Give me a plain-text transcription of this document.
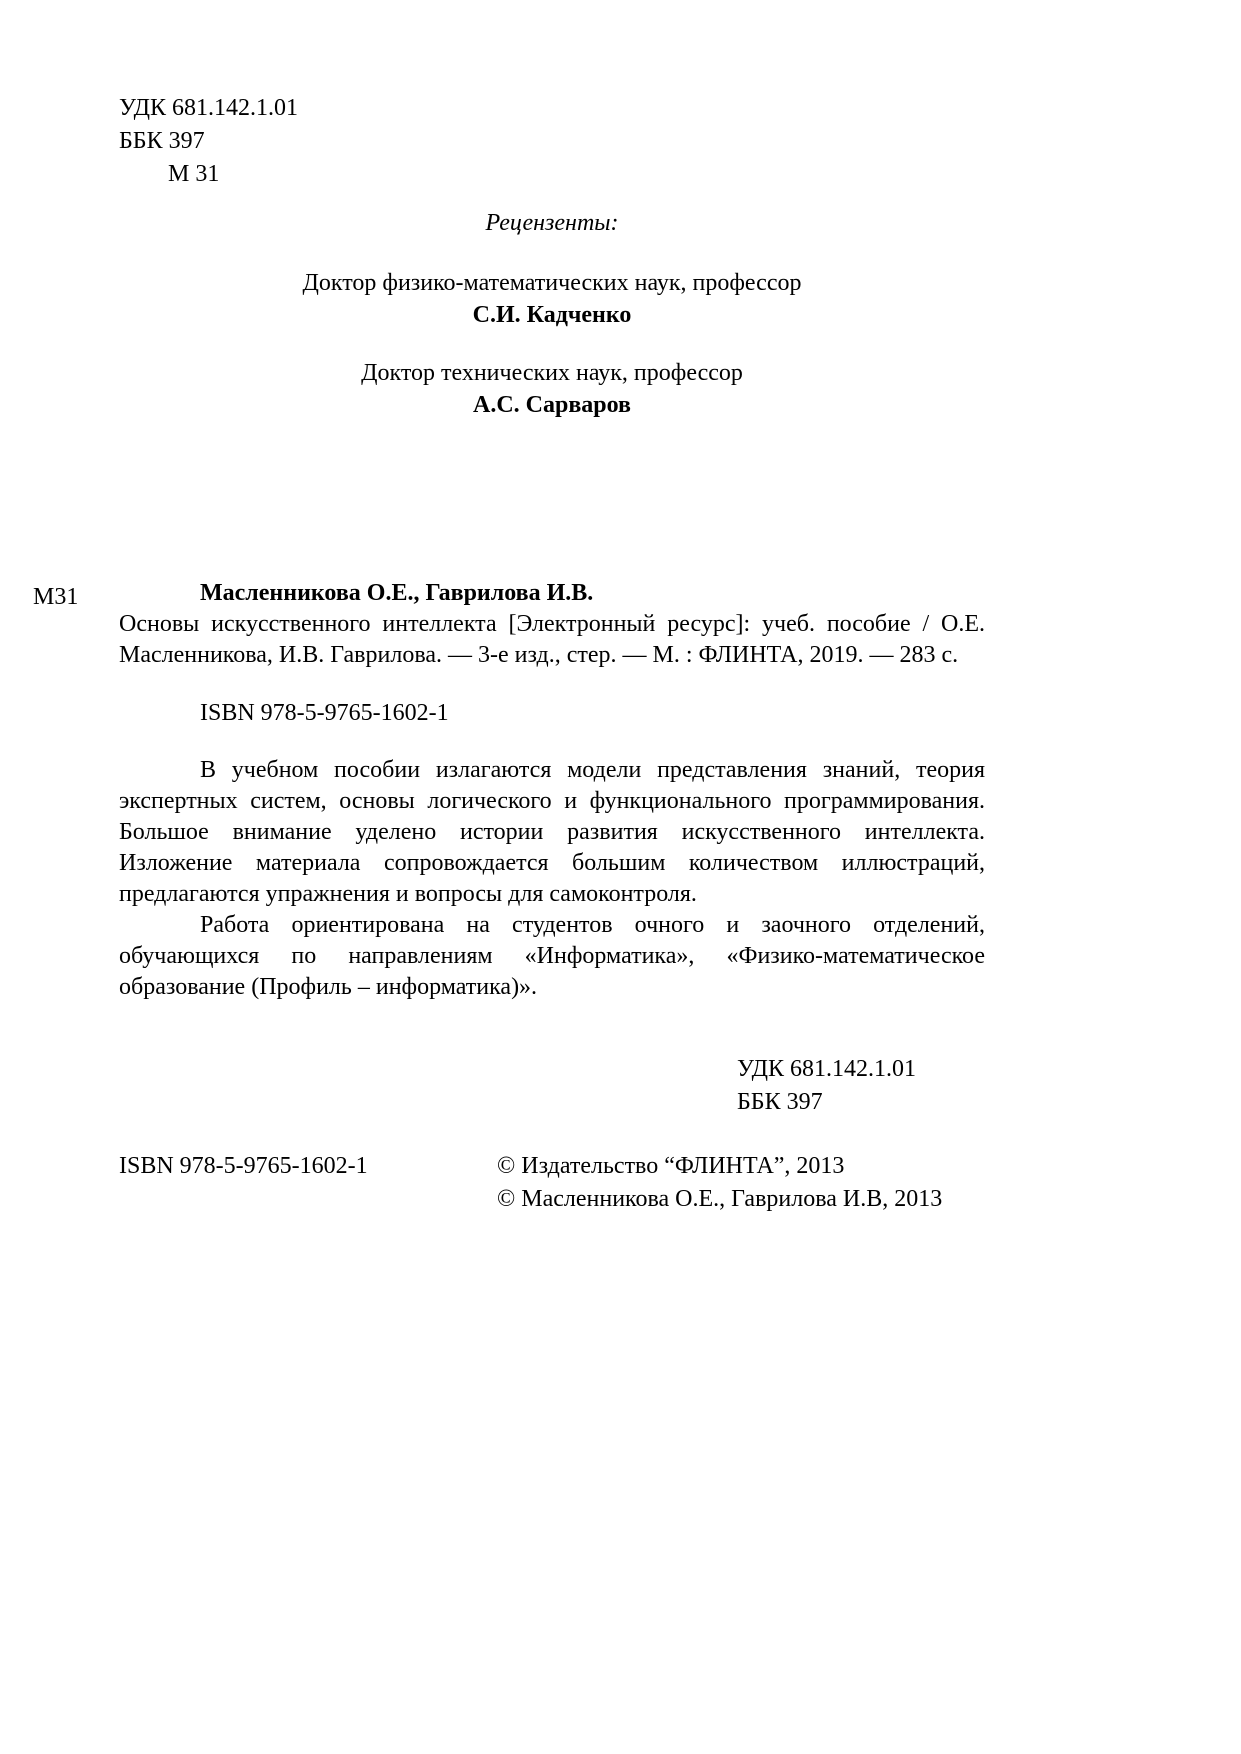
УДК 681.142.1.01
ББК 397
М 31
Рецензенты:
Доктор физико-математических наук, профессор
С.И. Кадченко
Доктор технических наук, профессор
А.С. Сарваров
М31	Масленникова О.Е., Гаврилова И.В.
Основы искусственного интеллекта [Электронный ресурс]: учеб. пособие / О.Е. Масленникова, И.В. Гаврилова. — 3-е изд., стер. — М. : ФЛИНТА, 2019. — 283 с.
ISBN 978-5-9765-1602-1

В учебном пособии излагаются модели представления знаний, теория экспертных систем, основы логического и функционального программирования. Большое внимание уделено истории развития искусственного интеллекта. Изложение материала сопровождается большим количеством иллюстраций, предлагаются упражнения и вопросы для самоконтроля.

Работа ориентирована на студентов очного и заочного отделений, обучающихся по направлениям «Информатика», «Физико-математическое образование (Профиль – информатика)».

УДК 681.142.1.01
ББК 397
ISBN 978-5-9765-1602-1	© Издательство “ФЛИНТА”, 2013
© Масленникова О.Е., Гаврилова И.В, 2013
